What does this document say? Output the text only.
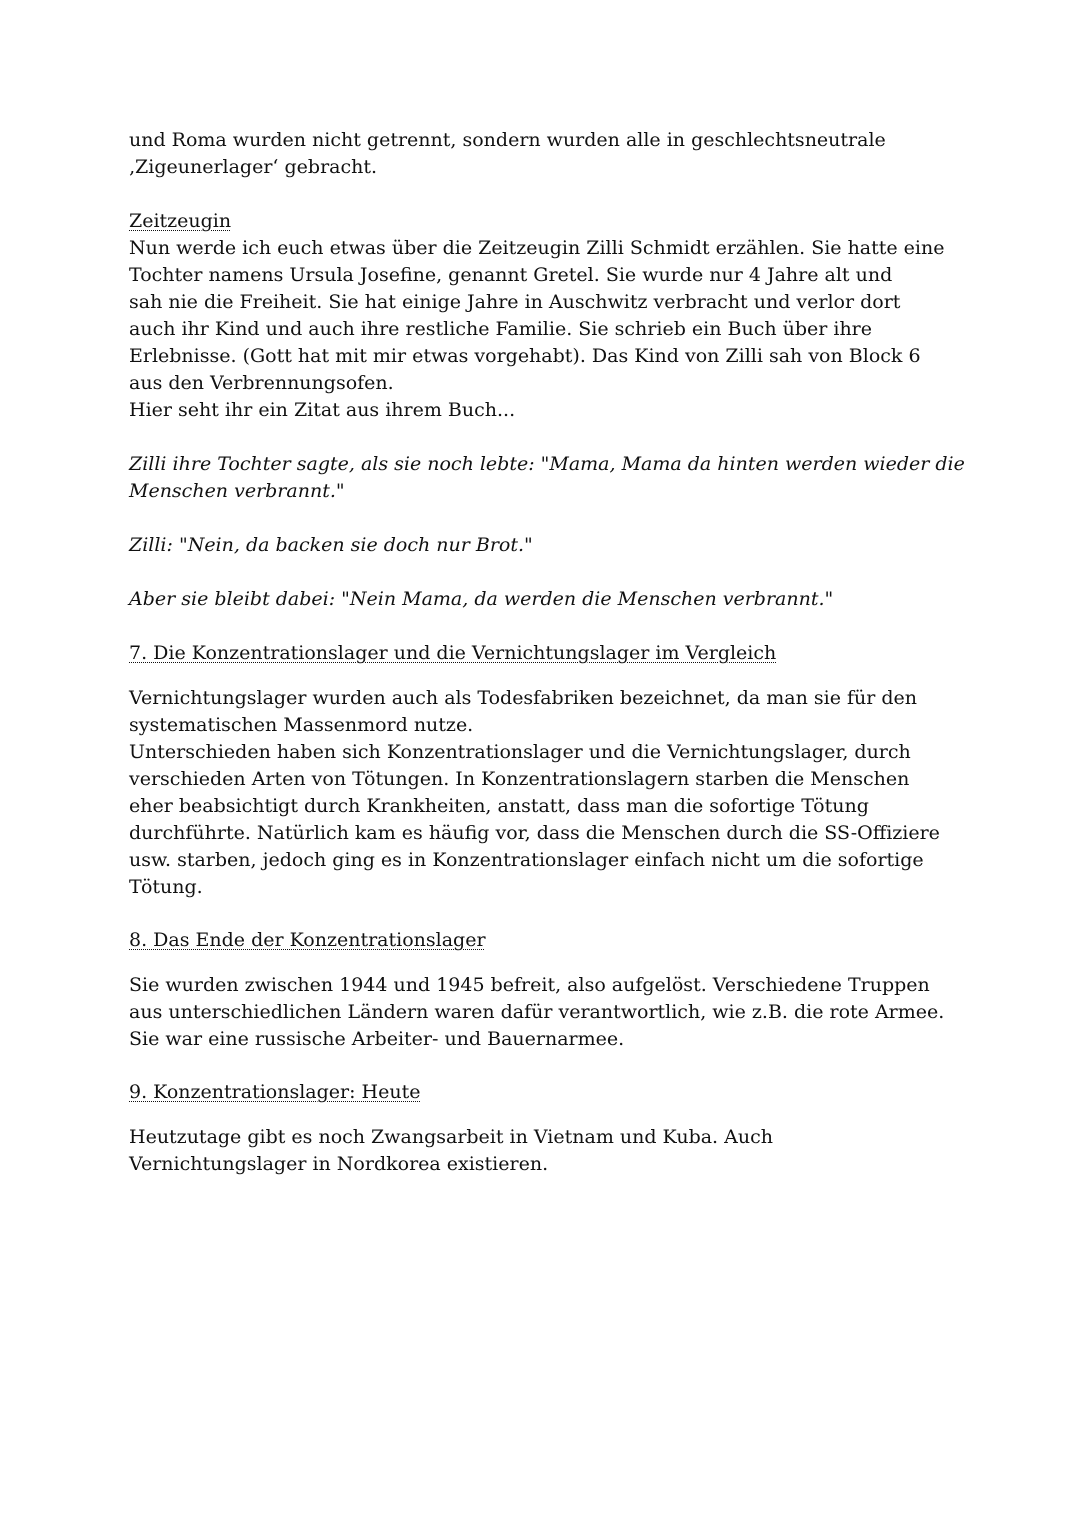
und Roma wurden nicht getrennt, sondern wurden alle in geschlechtsneutrale
‚Zigeunerlager‘ gebracht.

Zeitzeugin
Nun werde ich euch etwas über die Zeitzeugin Zilli Schmidt erzählen. Sie hatte eine
Tochter namens Ursula Josefine, genannt Gretel. Sie wurde nur 4 Jahre alt und
sah nie die Freiheit. Sie hat einige Jahre in Auschwitz verbracht und verlor dort
auch ihr Kind und auch ihre restliche Familie. Sie schrieb ein Buch über ihre
Erlebnisse. (Gott hat mit mir etwas vorgehabt). Das Kind von Zilli sah von Block 6
aus den Verbrennungsofen.
Hier seht ihr ein Zitat aus ihrem Buch...

Zilli ihre Tochter sagte, als sie noch lebte: "Mama, Mama da hinten werden wieder die
Menschen verbrannt."

Zilli: "Nein, da backen sie doch nur Brot."

Aber sie bleibt dabei: "Nein Mama, da werden die Menschen verbrannt."

7. Die Konzentrationslager und die Vernichtungslager im Vergleich

Vernichtungslager wurden auch als Todesfabriken bezeichnet, da man sie für den
systematischen Massenmord nutze.
Unterschieden haben sich Konzentrationslager und die Vernichtungslager, durch
verschieden Arten von Tötungen. In Konzentrationslagern starben die Menschen
eher beabsichtigt durch Krankheiten, anstatt, dass man die sofortige Tötung
durchführte. Natürlich kam es häufig vor, dass die Menschen durch die SS-Offiziere
usw. starben, jedoch ging es in Konzentrationslager einfach nicht um die sofortige
Tötung.

8. Das Ende der Konzentrationslager

Sie wurden zwischen 1944 und 1945 befreit, also aufgelöst. Verschiedene Truppen
aus unterschiedlichen Ländern waren dafür verantwortlich, wie z.B. die rote Armee.
Sie war eine russische Arbeiter- und Bauernarmee.

9. Konzentrationslager: Heute

Heutzutage gibt es noch Zwangsarbeit in Vietnam und Kuba. Auch
Vernichtungslager in Nordkorea existieren.
